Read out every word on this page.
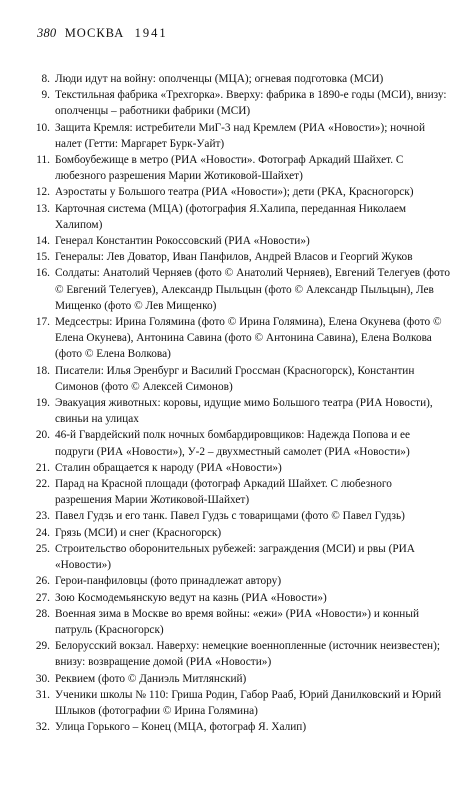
380 МОСКВА 1941
8. Люди идут на войну: ополченцы (МЦА); огневая подготовка (МСИ)
9. Текстильная фабрика «Трехгорка». Вверху: фабрика в 1890-е годы (МСИ), внизу: ополченцы – работники фабрики (МСИ)
10. Защита Кремля: истребители МиГ-3 над Кремлем (РИА «Новости»); ночной налет (Гетти: Маргарет Бурк-Уайт)
11. Бомбоубежище в метро (РИА «Новости». Фотограф Аркадий Шайхет. С любезного разрешения Марии Жотиковой-Шайхет)
12. Аэростаты у Большого театра (РИА «Новости»); дети (РКА, Красногорск)
13. Карточная система (МЦА) (фотография Я.Халипа, переданная Николаем Халипом)
14. Генерал Константин Рокоссовский (РИА «Новости»)
15. Генералы: Лев Доватор, Иван Панфилов, Андрей Власов и Георгий Жуков
16. Солдаты: Анатолий Черняев (фото © Анатолий Черняев), Евгений Телегуев (фото © Евгений Телегуев), Александр Пыльцын (фото © Александр Пыльцын), Лев Мищенко (фото © Лев Мищенко)
17. Медсестры: Ирина Голямина (фото © Ирина Голямина), Елена Окунева (фото © Елена Окунева), Антонина Савина (фото © Антонина Савина), Елена Волкова (фото © Елена Волкова)
18. Писатели: Илья Эренбург и Василий Гроссман (Красногорск), Константин Симонов (фото © Алексей Симонов)
19. Эвакуация животных: коровы, идущие мимо Большого театра (РИА Новости), свиньи на улицах
20. 46-й Гвардейский полк ночных бомбардировщиков: Надежда Попова и ее подруги (РИА «Новости»), У-2 – двухместный самолет (РИА «Новости»)
21. Сталин обращается к народу (РИА «Новости»)
22. Парад на Красной площади (фотограф Аркадий Шайхет. С любезного разрешения Марии Жотиковой-Шайхет)
23. Павел Гудзь и его танк. Павел Гудзь с товарищами (фото © Павел Гудзь)
24. Грязь (МСИ) и снег (Красногорск)
25. Строительство оборонительных рубежей: заграждения (МСИ) и рвы (РИА «Новости»)
26. Герои-панфиловцы (фото принадлежат автору)
27. Зою Космодемьянскую ведут на казнь (РИА «Новости»)
28. Военная зима в Москве во время войны: «ежи» (РИА «Новости») и конный патруль (Красногорск)
29. Белорусский вокзал. Наверху: немецкие военнопленные (источник неизвестен); внизу: возвращение домой (РИА «Новости»)
30. Реквием (фото © Даниэль Митлянский)
31. Ученики школы № 110: Гриша Родин, Габор Рааб, Юрий Данилковский и Юрий Шлыков (фотографии © Ирина Голямина)
32. Улица Горького – Конец (МЦА, фотограф Я. Халип)
